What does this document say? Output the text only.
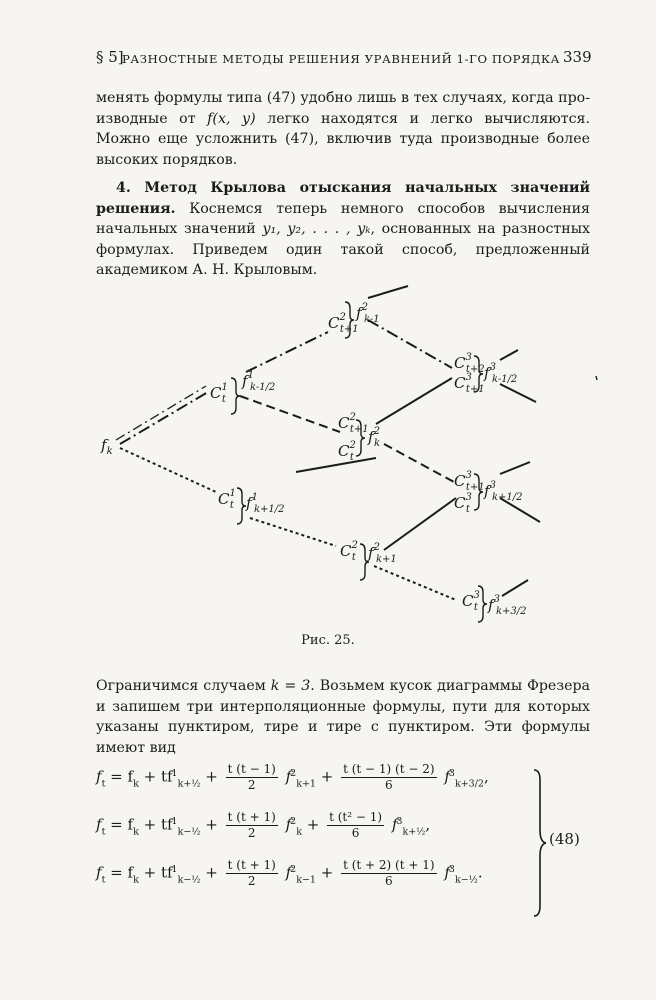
§ 5]
РАЗНОСТНЫЕ МЕТОДЫ РЕШЕНИЯ УРАВНЕНИЙ 1-ГО ПОРЯДКА 339

менять формулы типа (47) удобно лишь в тех случаях, когда производные от f(x, y) легко находятся и легко вычисляются. Можно еще усложнить (47), включив туда производные более высоких порядков.

4. Метод Крылова отыскания начальных значений решения. Коснемся теперь немного способов вычисления начальных значений y₁, y₂, . . . , yₖ, основанных на разностных формулах. Приведем один такой способ, предложенный академиком А. Н. Крыловым.

$f_k$
$C^1$ t
$f^1$ k-1/2
$C^1$ t $f^1$ k+1/2
$C^2$ t+1
$f^2$ k-1
$C^2$ t+1
$C^2$ t
$f^2$ k
$C^2$ t $f^2$ k+1
$C^3$ t+2
$C^3$ t+1
$f^3$ k-1/2
$C^3$ t+1
$C^3$ t
$f^3$ k+1/2
$C^3$ t $f^3$ k+3/2
Рис. 25.

Ограничимся случаем k = 3. Возьмем кусок диаграммы Фрезера и запишем три интерполяционные формулы, пути для которых указаны пунктиром, тире и тире с пунктиром. Эти формулы имеют вид

$f_t = f_k + tf^1_{k+\frac{1}{2}} + \frac{t (t - 1)}{2} f^2_{k+1} + \frac{t (t - 1) (t - 2)}{6} f^3_{k+3/2}$,
$f_t = f_k + tf^1_{k-\frac{1}{2}} + \frac{t (t + 1)}{2} f^2_k + \frac{\text{t (t² − 1)}}{6} f^3_{k+\frac{1}{2}}$,
$f_t = f_k + tf^1_{k-\frac{1}{2}} + \frac{t (t + 1)}{2} f^2_{k-1} + \frac{t (t + 2) (t + 1)}{6} f^3_{k-\frac{1}{2}}$.
(48)
